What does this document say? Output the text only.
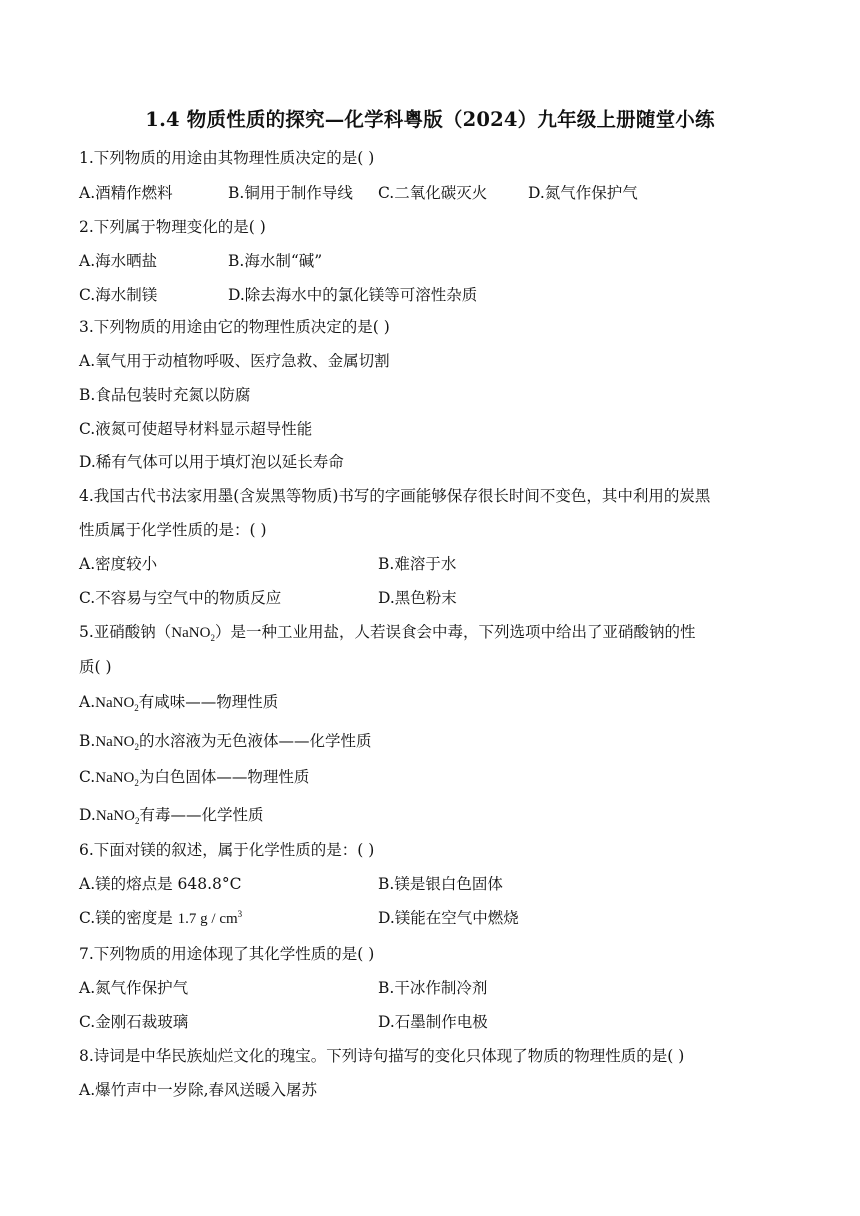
1.4 物质性质的探究—化学科粤版（2024）九年级上册随堂小练
1.下列物质的用途由其物理性质决定的是( )
A.酒精作燃料	B.铜用于制作导线 C.二氧化碳灭火	D.氮气作保护气
2.下列属于物理变化的是( )
A.海水晒盐	B.海水制“碱”
C.海水制镁	D.除去海水中的氯化镁等可溶性杂质
3.下列物质的用途由它的物理性质决定的是( )
A.氧气用于动植物呼吸、医疗急救、金属切割
B.食品包装时充氮以防腐
C.液氮可使超导材料显示超导性能
D.稀有气体可以用于填灯泡以延长寿命
4.我国古代书法家用墨(含炭黑等物质)书写的字画能够保存很长时间不变色，其中利用的炭黑
性质属于化学性质的是：( )
A.密度较小	B.难溶于水
C.不容易与空气中的物质反应	D.黑色粉末
5.亚硝酸钠（NaNO$_2$）是一种工业用盐，人若误食会中毒，下列选项中给出了亚硝酸钠的性
质( )
A.NaNO$_2$有咸味——物理性质
B.NaNO$_2$的水溶液为无色液体——化学性质
C.NaNO$_2$为白色固体——物理性质
D.NaNO$_2$有毒——化学性质
6.下面对镁的叙述，属于化学性质的是：( )
A.镁的熔点是 648.8°C	B.镁是银白色固体
C.镁的密度是 1.7 g / $cm^3$	D.镁能在空气中燃烧
7.下列物质的用途体现了其化学性质的是( )
A.氮气作保护气	B.干冰作制冷剂
C.金刚石裁玻璃	D.石墨制作电极
8.诗词是中华民族灿烂文化的瑰宝。下列诗句描写的变化只体现了物质的物理性质的是( )
A.爆竹声中一岁除,春风送暖入屠苏
